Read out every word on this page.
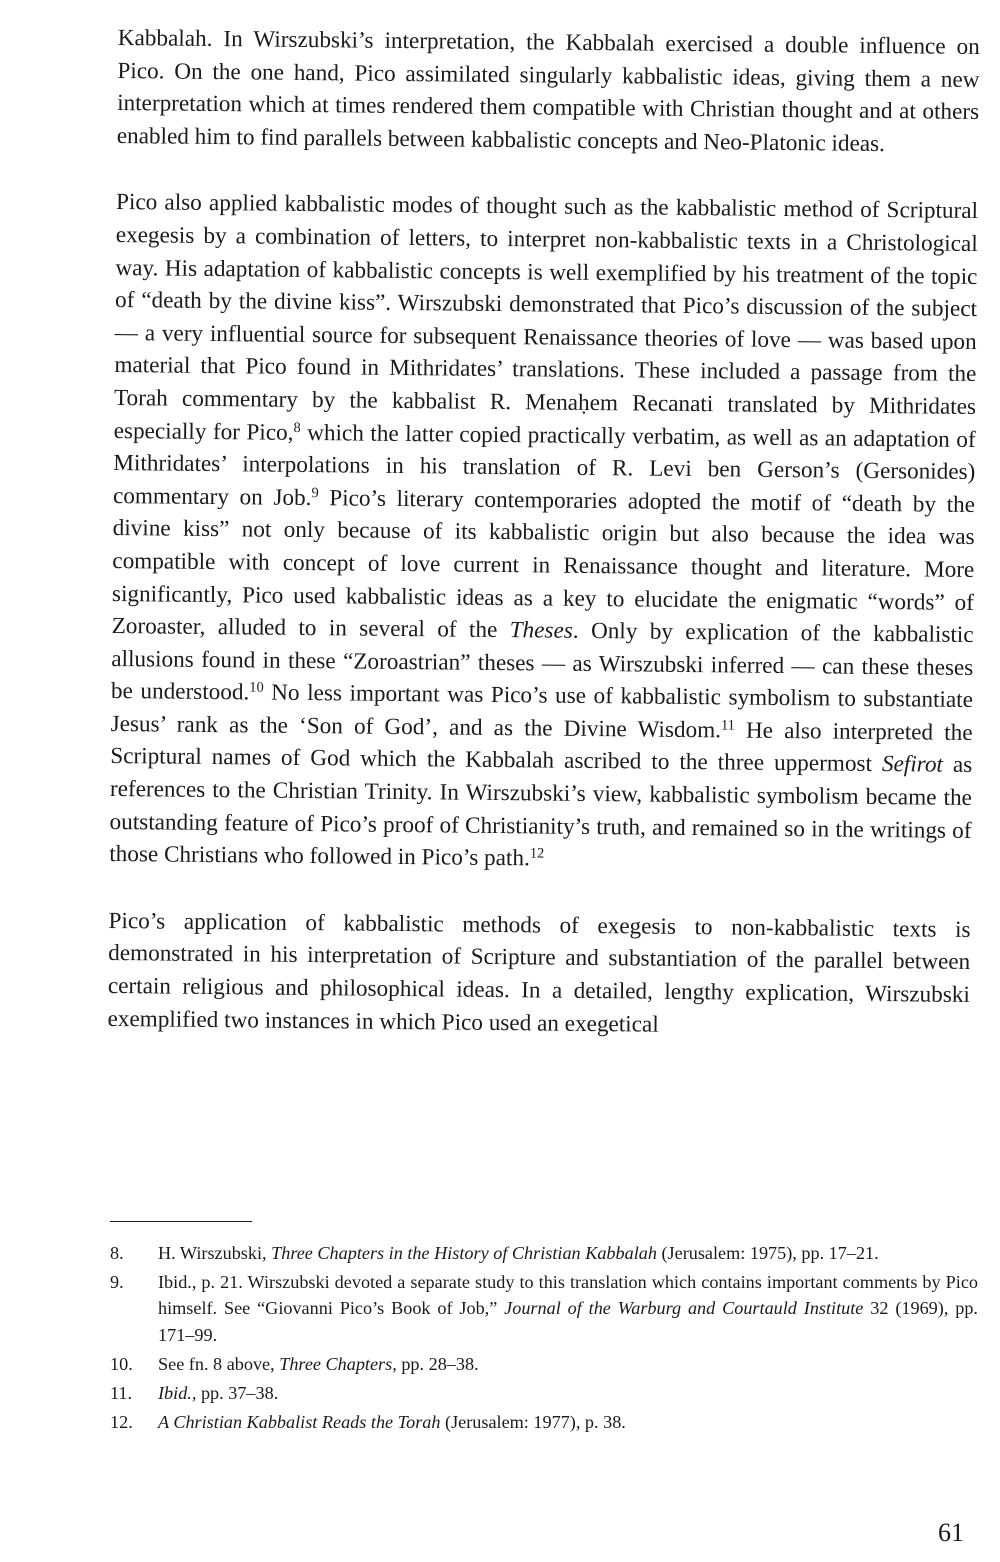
Kabbalah. In Wirszubski’s interpretation, the Kabbalah exercised a double influence on Pico. On the one hand, Pico assimilated singularly kabbalistic ideas, giving them a new interpretation which at times rendered them compatible with Christian thought and at others enabled him to find parallels between kabbalistic concepts and Neo-Platonic ideas.

Pico also applied kabbalistic modes of thought such as the kabbalistic method of Scriptural exegesis by a combination of letters, to interpret non-kabbalistic texts in a Christological way. His adaptation of kabbalistic concepts is well exemplified by his treatment of the topic of “death by the divine kiss”. Wirszubski demonstrated that Pico’s discussion of the subject — a very influential source for subsequent Renaissance theories of love — was based upon material that Pico found in Mithridates’ translations. These included a passage from the Torah commentary by the kabbalist R. Menaḥem Recanati translated by Mithridates especially for Pico,$^8$ which the latter copied practically verbatim, as well as an adaptation of Mithridates’ interpolations in his translation of R. Levi ben Gerson’s (Gersonides) commentary on Job.$^9$ Pico’s literary contemporaries adopted the motif of “death by the divine kiss” not only because of its kabbalistic origin but also because the idea was compatible with concept of love current in Renaissance thought and literature. More significantly, Pico used kabbalistic ideas as a key to elucidate the enigmatic “words” of Zoroaster, alluded to in several of the Theses. Only by explication of the kabbalistic allusions found in these “Zoroastrian” theses — as Wirszubski inferred — can these theses be understood.$^{10}$ No less important was Pico’s use of kabbalistic symbolism to substantiate Jesus’ rank as the ‘Son of God’, and as the Divine Wisdom.$^{11}$ He also interpreted the Scriptural names of God which the Kabbalah ascribed to the three uppermost Sefirot as references to the Christian Trinity. In Wirszubski’s view, kabbalistic symbolism became the outstanding feature of Pico’s proof of Christianity’s truth, and remained so in the writings of those Christians who followed in Pico’s path.$^{12}$

Pico’s application of kabbalistic methods of exegesis to non-kabbalistic texts is demonstrated in his interpretation of Scripture and substantiation of the parallel between certain religious and philosophical ideas. In a detailed, lengthy explication, Wirszubski exemplified two instances in which Pico used an exegetical

8.	H. Wirszubski, Three Chapters in the History of Christian Kabbalah (Jerusalem: 1975), pp. 17–21.
9.	Ibid., p. 21. Wirszubski devoted a separate study to this translation which contains important comments by Pico himself. See “Giovanni Pico’s Book of Job,” Journal of the Warburg and Courtauld Institute 32 (1969), pp. 171–99.
10.	See fn. 8 above, Three Chapters, pp. 28–38.
11.	Ibid., pp. 37–38.
12.	A Christian Kabbalist Reads the Torah (Jerusalem: 1977), p. 38.
61
